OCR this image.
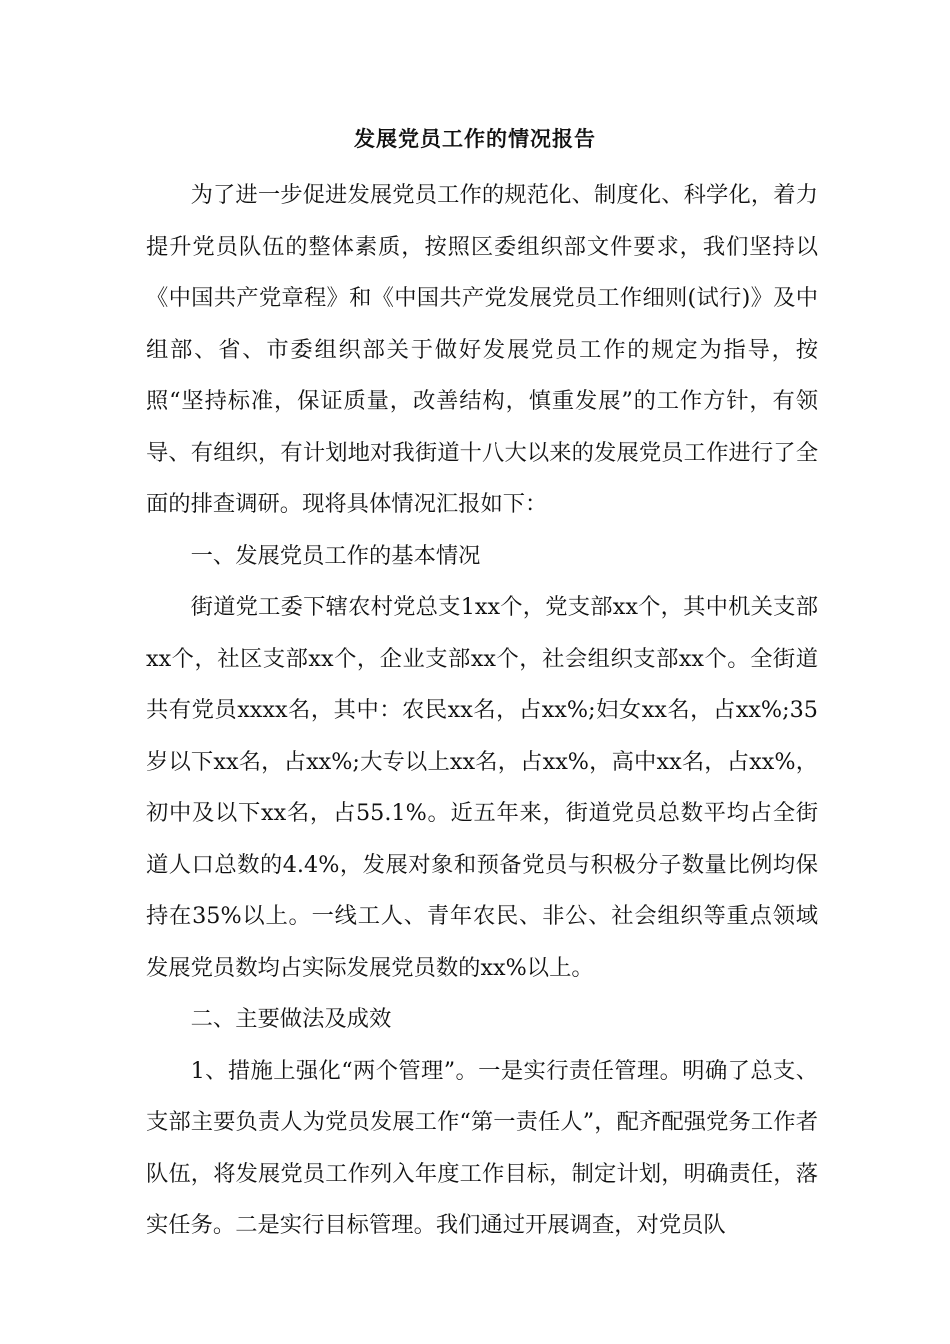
发展党员工作的情况报告

为了进一步促进发展党员工作的规范化、制度化、科学化，着力提升党员队伍的整体素质，按照区委组织部文件要求，我们坚持以《中国共产党章程》和《中国共产党发展党员工作细则(试行)》及中组部、省、市委组织部关于做好发展党员工作的规定为指导，按照“坚持标准，保证质量，改善结构，慎重发展”的工作方针，有领导、有组织，有计划地对我街道十八大以来的发展党员工作进行了全面的排查调研。现将具体情况汇报如下：

一、发展党员工作的基本情况

街道党工委下辖农村党总支1xx个，党支部xx个，其中机关支部xx个，社区支部xx个，企业支部xx个，社会组织支部xx个。全街道共有党员xxxx名，其中：农民xx名，占xx%;妇女xx名，占xx%;35岁以下xx名，占xx%;大专以上xx名，占xx%，高中xx名，占xx%，初中及以下xx名，占55.1%。近五年来，街道党员总数平均占全街道人口总数的4.4%，发展对象和预备党员与积极分子数量比例均保持在35%以上。一线工人、青年农民、非公、社会组织等重点领域发展党员数均占实际发展党员数的xx%以上。

二、主要做法及成效

1、措施上强化“两个管理”。一是实行责任管理。明确了总支、支部主要负责人为党员发展工作“第一责任人”，配齐配强党务工作者队伍，将发展党员工作列入年度工作目标，制定计划，明确责任，落实任务。二是实行目标管理。我们通过开展调查，对党员队
